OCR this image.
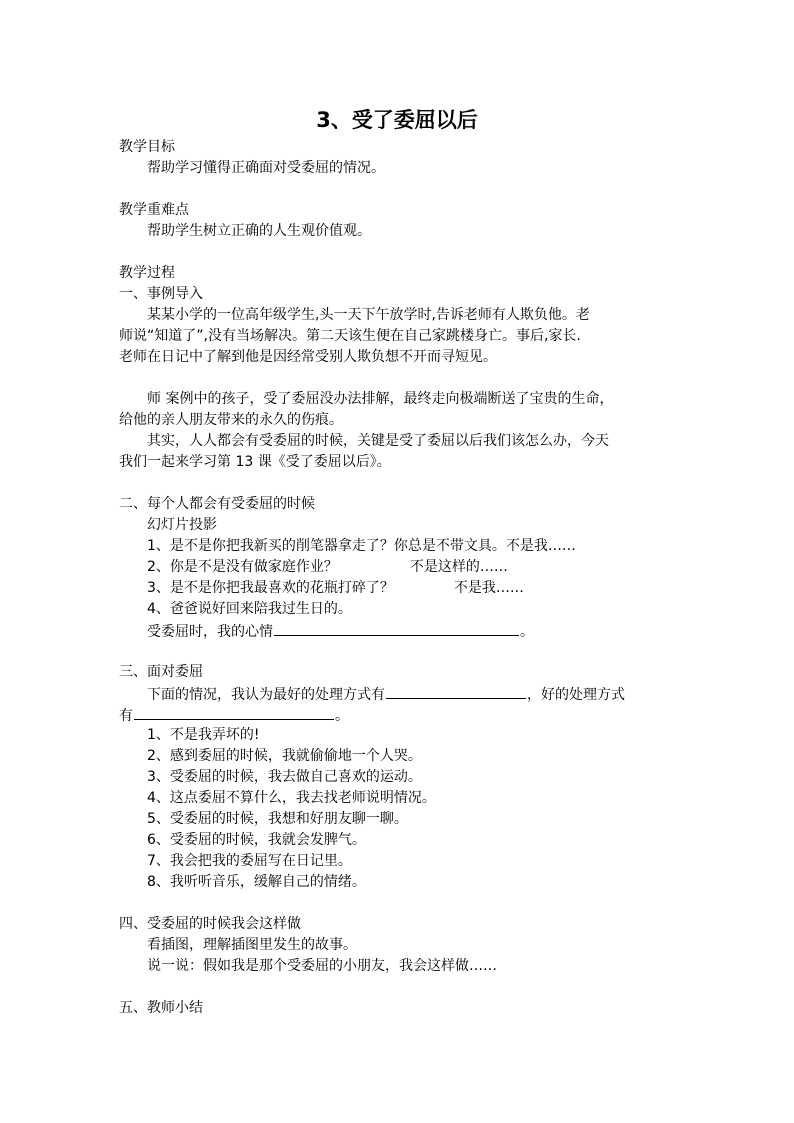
3、受了委屈以后
教学目标
帮助学习懂得正确面对受委屈的情况。
教学重难点
帮助学生树立正确的人生观价值观。
教学过程
一、事例导入
某某小学的一位高年级学生,头一天下午放学时,告诉老师有人欺负他。老
师说“知道了”,没有当场解决。第二天该生便在自己家跳楼身亡。事后,家长.
老师在日记中了解到他是因经常受别人欺负想不开而寻短见。
师 案例中的孩子，受了委屈没办法排解，最终走向极端断送了宝贵的生命，
给他的亲人朋友带来的永久的伤痕。
其实，人人都会有受委屈的时候，关键是受了委屈以后我们该怎么办，今天
我们一起来学习第 13 课《受了委屈以后》。
二、每个人都会有受委屈的时候
幻灯片投影
1、是不是你把我新买的削笔器拿走了？你总是不带文具。不是我……
2、你是不是没有做家庭作业？	不是这样的……
3、是不是你把我最喜欢的花瓶打碎了？	不是我……
4、爸爸说好回来陪我过生日的。
受委屈时，我的心情	。
三、面对委屈
下面的情况，我认为最好的处理方式有	，好的处理方式
有	。
1、不是我弄坏的!
2、感到委屈的时候，我就偷偷地一个人哭。
3、受委屈的时候，我去做自己喜欢的运动。
4、这点委屈不算什么，我去找老师说明情况。
5、受委屈的时候，我想和好朋友聊一聊。
6、受委屈的时候，我就会发脾气。
7、我会把我的委屈写在日记里。
8、我听听音乐，缓解自己的情绪。
四、受委屈的时候我会这样做
看插图，理解插图里发生的故事。
说一说：假如我是那个受委屈的小朋友，我会这样做……
五、教师小结
